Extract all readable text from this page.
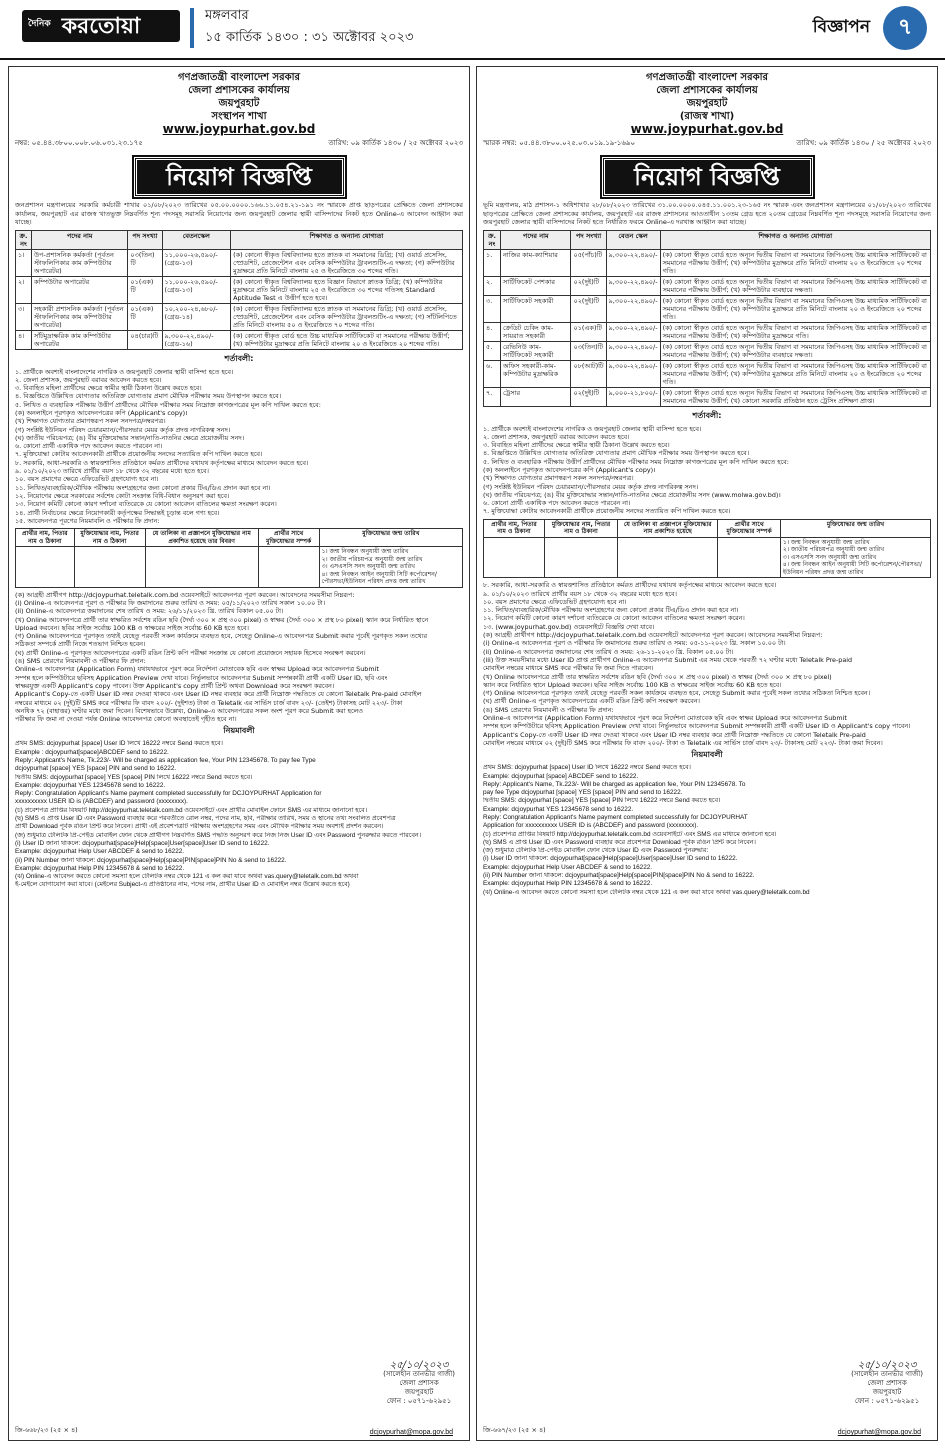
দৈনিক করতোয়া	মঙ্গলবার
১৫ কার্তিক ১৪৩০ : ৩১ অক্টোবর ২০২৩
বিজ্ঞাপন	৭
গণপ্রজাতন্ত্রী বাংলাদেশ সরকার
জেলা প্রশাসকের কার্যালয়
জয়পুরহাট
সংস্থাপন শাখা
www.joypurhat.gov.bd
নম্বর: ০৫.৪৪.৩৮০০.০০৮.০৬.০৩১.২৩.১৭৫	তারিখ: ০৯ কার্তিক ১৪৩০ / ২৫ অক্টোবর ২০২৩
নিয়োগ বিজ্ঞপ্তি
জনপ্রশাসন মন্ত্রণালয়ের সরকারি কর্মচারী শাখার ০১/০৮/২০২৩ তারিখের ০৫.০০.০০০০.১৬৬.১১.০৫৪.২১-১৯১ নং স্মারকে প্রাপ্ত ছাড়পত্রের প্রেক্ষিতে জেলা প্রশাসকের কার্যালয়, জয়পুরহাট এর রাজস্ব খাতভুক্ত নিম্নবর্ণিত শূন্য পদসমূহ সরাসরি নিয়োগের জন্য জয়পুরহাট জেলার স্থায়ী বাসিন্দাদের নিকট হতে Online-এ আবেদন আহ্বান করা যাচ্ছে।
ক্র. নং	পদের নাম	পদ সংখ্যা	বেতনস্কেল	শিক্ষাগত ও অন্যান্য যোগ্যতা
১।	উপ-প্রশাসনিক কর্মকর্তা (পূর্বতন স্টাফলিপিকার কাম কম্পিউটার অপারেটর)	০৩(তিন) টি	১১,০০০-২৬,৫৯০/- (গ্রেড-১৩)	(ক) কোনো স্বীকৃত বিশ্ববিদ্যালয় হতে স্নাতক বা সমমানের ডিগ্রি; (খ) ওয়ার্ড প্রসেসিং, স্প্রেডশিট, প্রেজেন্টেশন এবং বেসিক কম্পিউটার ট্রাবলশুটিং-এ দক্ষতা; (গ) কম্পিউটার মুদ্রাক্ষরে প্রতি মিনিটে বাংলায় ২৫ ও ইংরেজিতে ৩০ শব্দের গতি।
২।	কম্পিউটার অপারেটর	০১(এক) টি	১১,০০০-২৬,৫৯০/- (গ্রেড-১৩)	(ক) কোনো স্বীকৃত বিশ্ববিদ্যালয় হতে বিজ্ঞান বিভাগে স্নাতক ডিগ্রি; (খ) কম্পিউটার মুদ্রাক্ষরে প্রতি মিনিটে বাংলায় ২৫ ও ইংরেজিতে ৩০ শব্দের গতিসহ Standard Aptitude Test এ উত্তীর্ণ হতে হবে।
৩।	সহকারী প্রশাসনিক কর্মকর্তা (পূর্বতন স্টাফলিপিকার কাম কম্পিউটার অপারেটর)	০১(এক) টি	১০,২০০-২৪,৬৮০/- (গ্রেড-১৪)	(ক) কোনো স্বীকৃত বিশ্ববিদ্যালয় হতে স্নাতক বা সমমানের ডিগ্রি; (খ) ওয়ার্ড প্রসেসিং, স্প্রেডশিট, প্রেজেন্টেশন এবং বেসিক কম্পিউটার ট্রাবলশুটিং-এ দক্ষতা; (গ) সাঁটলিপিতে প্রতি মিনিটে বাংলায় ৫০ ও ইংরেজিতে ৭০ শব্দের গতি।
৪।	সাঁটমুদ্রাক্ষরিক কাম কম্পিউটার অপারেটর	০৪(চার)টি	৯,৩০০-২২,৪৯০/- (গ্রেড-১৬)	(ক) কোনো স্বীকৃত বোর্ড হতে উচ্চ মাধ্যমিক সার্টিফিকেট বা সমমানের পরীক্ষায় উত্তীর্ণ; (খ) কম্পিউটার মুদ্রাক্ষরে প্রতি মিনিটে বাংলায় ২০ ও ইংরেজিতে ২০ শব্দের গতি।
শর্তাবলী:
১. প্রার্থীকে অবশ্যই বাংলাদেশের নাগরিক ও জয়পুরহাট জেলার স্থায়ী বাসিন্দা হতে হবে।
২. জেলা প্রশাসক, জয়পুরহাট বরাবর আবেদন করতে হবে।
৩. বিবাহিত মহিলা প্রার্থীদের ক্ষেত্রে স্বামীর স্থায়ী ঠিকানা উল্লেখ করতে হবে।
৪. বিজ্ঞপ্তিতে উল্লিখিত যোগ্যতার অতিরিক্ত যোগ্যতার প্রমাণ মৌখিক পরীক্ষার সময় উপস্থাপন করতে হবে।
৫. লিখিত ও ব্যবহারিক পরীক্ষায় উত্তীর্ণ প্রার্থীদের মৌখিক পরীক্ষার সময় নিম্নোক্ত কাগজপত্রের মূল কপি দাখিল করতে হবে:
(ক) অনলাইনে পূরণকৃত আবেদনপত্রের কপি (Applicant's copy)।
(খ) শিক্ষাগত যোগ্যতার প্রমাণস্বরূপ সকল সনদপত্র/নম্বরপত্র।
(গ) সংশ্লিষ্ট ইউনিয়ন পরিষদ চেয়ারম্যান/পৌরসভার মেয়র কর্তৃক প্রদত্ত নাগরিকত্ব সনদ।
(ঘ) জাতীয় পরিচয়পত্র; (ঙ) বীর মুক্তিযোদ্ধার সন্তান/নাতি-নাতনির ক্ষেত্রে প্রয়োজনীয় সনদ।
৬. কোনো প্রার্থী একাধিক পদে আবেদন করতে পারবেন না।
৭. মুক্তিযোদ্ধা কোটায় আবেদনকারী প্রার্থীকে প্রয়োজনীয় সনদের সত্যায়িত কপি দাখিল করতে হবে।
৮. সরকারি, আধা-সরকারি ও স্বায়ত্তশাসিত প্রতিষ্ঠানে কর্মরত প্রার্থীদের যথাযথ কর্তৃপক্ষের মাধ্যমে আবেদন করতে হবে।
৯. ০১/১০/২০২৩ তারিখে প্রার্থীর বয়স ১৮ থেকে ৩২ বছরের মধ্যে হতে হবে।
১০. বয়স প্রমাণের ক্ষেত্রে এফিডেভিট গ্রহণযোগ্য হবে না।
১১. লিখিত/ব্যবহারিক/মৌখিক পরীক্ষায় অংশগ্রহণের জন্য কোনো প্রকার টিএ/ডিএ প্রদান করা হবে না।
১২. নিয়োগের ক্ষেত্রে সরকারের সর্বশেষ কোটা সংক্রান্ত বিধি-বিধান অনুসরণ করা হবে।
১৩. নিয়োগ কমিটি কোনো কারণ দর্শানো ব্যতিরেকে যে কোনো আবেদন বাতিলের ক্ষমতা সংরক্ষণ করেন।
১৪. প্রার্থী নির্বাচনের ক্ষেত্রে নিয়োগকারী কর্তৃপক্ষের সিদ্ধান্তই চূড়ান্ত বলে গণ্য হবে।
১৫. আবেদনপত্র পূরণের নিয়মাবলি ও পরীক্ষার ফি প্রদান:
প্রার্থীর নাম, পিতার নাম ও ঠিকানা	মুক্তিযোদ্ধার নাম, পিতার নাম ও ঠিকানা	যে তালিকা বা প্রজ্ঞাপনে মুক্তিযোদ্ধার নাম প্রকাশিত হয়েছে তার বিবরণ	প্রার্থীর সাথে মুক্তিযোদ্ধার সম্পর্ক	মুক্তিযোদ্ধার জন্ম তারিখ

				১। জন্ম নিবন্ধন অনুযায়ী জন্ম তারিখ
২। জাতীয় পরিচয়পত্র অনুযায়ী জন্ম তারিখ
৩। এসএসসি সনদ অনুযায়ী জন্ম তারিখ
৪। জন্ম নিবন্ধন আইন অনুযায়ী সিটি কর্পোরেশন/পৌরসভা/ইউনিয়ন পরিষদ প্রদত্ত জন্ম তারিখ
(ক) আগ্রহী প্রার্থীগণ http://dcjoypurhat.teletalk.com.bd ওয়েবসাইটে আবেদনপত্র পূরণ করবেন। আবেদনের সময়সীমা নিম্নরূপ:
(i) Online-এ আবেদনপত্র পূরণ ও পরীক্ষার ফি জমাদানের শুরুর তারিখ ও সময়: ০৫/১১/২০২৩ তারিখ সকাল ১০.০০ টা।
(ii) Online-এ আবেদনপত্র জমাদানের শেষ তারিখ ও সময়: ২৬/১১/২০২৩ খ্রি. তারিখ বিকাল ০৫.০০ টা।
(খ) Online আবেদনপত্রে প্রার্থী তার স্বাক্ষরিত সর্বশেষ রঙিন ছবি (দৈর্ঘ্য ৩০০ × প্রস্থ ৩০০ pixel) ও স্বাক্ষর (দৈর্ঘ্য ৩০০ × প্রস্থ ৮০ pixel) স্ক্যান করে নির্ধারিত স্থানে
Upload করবেন। ছবির সাইজ সর্বোচ্চ 100 KB ও স্বাক্ষরের সাইজ সর্বোচ্চ 60 KB হতে হবে।
(গ) Online আবেদনপত্রে পূরণকৃত তথ্যই যেহেতু পরবর্তী সকল কার্যক্রমে ব্যবহৃত হবে, সেহেতু Online-এ আবেদনপত্র Submit করার পূর্বেই পূরণকৃত সকল তথ্যের
সঠিকতা সম্পর্কে প্রার্থী নিজে শতভাগ নিশ্চিত হবেন।
(ঘ) প্রার্থী Online-এ পূরণকৃত আবেদনপত্রের একটি রঙিন প্রিন্ট কপি পরীক্ষা সংক্রান্ত যে কোনো প্রয়োজনে সহায়ক হিসেবে সংরক্ষণ করবেন।
(ঙ) SMS প্রেরণের নিয়মাবলী ও পরীক্ষার ফি প্রদান:
Online-এ আবেদনপত্র (Application Form) যথাযথভাবে পূরণ করে নির্দেশনা মোতাবেক ছবি এবং স্বাক্ষর Upload করে আবেদনপত্র Submit
সম্পন্ন হলে কম্পিউটারে ছবিসহ Application Preview দেখা যাবে। নির্ভুলভাবে আবেদনপত্র Submit সম্পন্নকারী প্রার্থী একটি User ID, ছবি এবং
স্বাক্ষরযুক্ত একটি Applicant's copy পাবেন। উক্ত Applicant's copy প্রার্থী প্রিন্ট অথবা Download করে সংরক্ষণ করবেন।
Applicant's Copy-তে একটি User ID নম্বর দেওয়া থাকবে এবং User ID নম্বর ব্যবহার করে প্রার্থী নিম্নোক্ত পদ্ধতিতে যে কোনো Teletalk Pre-paid মোবাইল
নম্বরের মাধ্যমে ০২ (দুই)টি SMS করে পরীক্ষার ফি বাবদ ২০০/- (দুইশত) টাকা ও Teletalk এর সার্ভিস চার্জ বাবদ ২৩/- (তেইশ) টাকাসহ মোট ২২৩/- টাকা
অনধিক ৭২ (বাহাত্তর) ঘণ্টার মধ্যে জমা দিবেন। বিশেষভাবে উল্লেখ্য, Online-এ আবেদনপত্রের সকল অংশ পূরণ করে Submit করা হলেও
পরীক্ষার ফি জমা না দেওয়া পর্যন্ত Online আবেদনপত্র কোনো অবস্থাতেই গৃহীত হবে না।
নিয়মাবলী
প্রথম SMS: dcjoypurhat [space] User ID লিখে 16222 নম্বরে Send করতে হবে।
Example : dcjoypurhat[space]ABCDEF send to 16222.
Reply: Applicant's Name, Tk.223/- Will be charged as application fee, Your PIN 12345678. To pay fee Type
dcjoypurhat [space] YES [space] PIN and send to 16222.
দ্বিতীয় SMS: dcjoypurhat [space] YES [space] PIN লিখে 16222 নম্বরে Send করতে হবে।
Example: dcjoypurhat YES 12345678 send to 16222.
Reply: Congratulation Applicant's Name payment completed successfully for DCJOYPURHAT Application for
xxxxxxxxxx USER ID is (ABCDEF) and password (xxxxxxxx).
(চ) প্রবেশপত্র প্রাপ্তির বিষয়টি http://dcjoypurhat.teletalk.com.bd ওয়েবসাইটে এবং প্রার্থীর মোবাইল ফোনে SMS এর মাধ্যমে জানানো হবে।
(ছ) SMS এ প্রাপ্ত User ID এবং Password ব্যবহার করে পরবর্তীতে রোল নম্বর, পদের নাম, ছবি, পরীক্ষার তারিখ, সময় ও স্থানের তথ্য সংবলিত প্রবেশপত্র
প্রার্থী Download পূর্বক রঙিন প্রিন্ট করে নিবেন। প্রার্থী এই প্রবেশপত্রটি পরীক্ষায় অংশগ্রহণের সময় এবং মৌখিক পরীক্ষার সময় অবশ্যই প্রদর্শন করবেন।
(জ) শুধুমাত্র টেলিটক প্রি-পেইড মোবাইল ফোন থেকে প্রার্থীগণ নিম্নবর্ণিত SMS পদ্ধতি অনুসরণ করে নিজ নিজ User ID এবং Password পুনরুদ্ধার করতে পারবেন।
(i) User ID জানা থাকলে: dcjoypurhat[space]Help[space]User[space]User ID send to 16222.
Example: dcjoypurhat Help User ABCDEF & send to 16222.
(ii) PIN Number জানা থাকলে: dcjoypurhat[space]Help[space]PIN[space]PIN No & send to 16222.
Example: dcjoypurhat Help PIN 12345678 & send to 16222.
(ঝ) Online-এ আবেদন করতে কোনো সমস্যা হলে টেলিটক নম্বর থেকে 121 এ কল করা যাবে অথবা vas.query@teletalk.com.bd অথবা
ই-মেইলে যোগাযোগ করা যাবে। (মেইলের Subject-এ প্রতিষ্ঠানের নাম, পদের নাম, প্রার্থীর User ID ও মোবাইল নম্বর উল্লেখ করতে হবে)
২৫/১০/২০২৩
(সালেহীন তানভীর গাজী)
জেলা প্রশাসক
জয়পুরহাট
ফোন : ০৫৭১-৬২৯৫১
জি-৬৬৮/২৩ (২৫ × ৪)	dcjoypurhat@mopa.gov.bd
গণপ্রজাতন্ত্রী বাংলাদেশ সরকার
জেলা প্রশাসকের কার্যালয়
জয়পুরহাট
(রাজস্ব শাখা)
www.joypurhat.gov.bd
স্মারক নম্বর: ০৫.৪৪.৩৮০০.০২৫.০৩.০১৯.১৯-১৬৯০	তারিখ: ০৯ কার্তিক ১৪৩০ / ২৫ অক্টোবর ২০২৩
নিয়োগ বিজ্ঞপ্তি
ভূমি মন্ত্রণালয়, মাঠ প্রশাসন-১ অধিশাখার ২৮/০৮/২০২৩ তারিখের ৩১.০০.০০০০.০৪৫.১১.০০১.২৩-১৬৫ নং স্মারক এবং জনপ্রশাসন মন্ত্রণালয়ের ০১/০৮/২০২৩ তারিখের ছাড়পত্রের প্রেক্ষিতে জেলা প্রশাসকের কার্যালয়, জয়পুরহাট এর রাজস্ব প্রশাসনের আওতাধীন ১৩তম গ্রেড হতে ২০তম গ্রেডের নিম্নবর্ণিত শূন্য পদসমূহে সরাসরি নিয়োগের জন্য জয়পুরহাট জেলার স্থায়ী বাসিন্দাদের নিকট হতে নির্ধারিত ফরমে Online-এ দরখাস্ত আহ্বান করা যাচ্ছে।
ক্র. নং	পদের নাম	পদ সংখ্যা	বেতন স্কেল	শিক্ষাগত ও অন্যান্য যোগ্যতা
১.	নাজির কাম-ক্যাশিয়ার	০৫(পাঁচ)টি	৯,৩০০-২২,৪৯০/-	(ক) কোনো স্বীকৃত বোর্ড হতে অন্যূন দ্বিতীয় বিভাগ বা সমমানের জিপিএসহ উচ্চ মাধ্যমিক সার্টিফিকেট বা সমমানের পরীক্ষায় উত্তীর্ণ; (খ) কম্পিউটার মুদ্রাক্ষরে প্রতি মিনিটে বাংলায় ২০ ও ইংরেজিতে ২০ শব্দের গতি।
২.	সার্টিফিকেট পেশকার	০২(দুই)টি	৯,৩০০-২২,৪৯০/-	(ক) কোনো স্বীকৃত বোর্ড হতে অন্যূন দ্বিতীয় বিভাগ বা সমমানের জিপিএসহ উচ্চ মাধ্যমিক সার্টিফিকেট বা সমমানের পরীক্ষায় উত্তীর্ণ; (খ) কম্পিউটার ব্যবহারে দক্ষতা।
৩.	সার্টিফিকেট সহকারী	০২(দুই)টি	৯,৩০০-২২,৪৯০/-	(ক) কোনো স্বীকৃত বোর্ড হতে অন্যূন দ্বিতীয় বিভাগ বা সমমানের জিপিএসহ উচ্চ মাধ্যমিক সার্টিফিকেট বা সমমানের পরীক্ষায় উত্তীর্ণ; (খ) কম্পিউটার মুদ্রাক্ষরে প্রতি মিনিটে বাংলায় ২০ ও ইংরেজিতে ২০ শব্দের গতি।
৪.	ক্রেডিট চেকিং কাম-সায়রাত সহকারী	০১(এক)টি	৯,৩০০-২২,৪৯০/-	(ক) কোনো স্বীকৃত বোর্ড হতে অন্যূন দ্বিতীয় বিভাগ বা সমমানের জিপিএসহ উচ্চ মাধ্যমিক সার্টিফিকেট বা সমমানের পরীক্ষায় উত্তীর্ণ; (খ) কম্পিউটার মুদ্রাক্ষরে গতি।
৫.	রেভিনিউ কাম-সার্টিফিকেট সহকারী	০৩(তিন)টি	৯,৩০০-২২,৪৯০/-	(ক) কোনো স্বীকৃত বোর্ড হতে অন্যূন দ্বিতীয় বিভাগ বা সমমানের জিপিএসহ উচ্চ মাধ্যমিক সার্টিফিকেট বা সমমানের পরীক্ষায় উত্তীর্ণ; (খ) কম্পিউটার ব্যবহারে দক্ষতা।
৬.	অফিস সহকারী-কাম-কম্পিউটার মুদ্রাক্ষরিক	০৮(আট)টি	৯,৩০০-২২,৪৯০/-	(ক) কোনো স্বীকৃত বোর্ড হতে অন্যূন দ্বিতীয় বিভাগ বা সমমানের জিপিএসহ উচ্চ মাধ্যমিক সার্টিফিকেট বা সমমানের পরীক্ষায় উত্তীর্ণ; (খ) কম্পিউটার মুদ্রাক্ষরে প্রতি মিনিটে বাংলায় ২০ ও ইংরেজিতে ২০ শব্দের গতি।
৭.	ট্রেসার	০২(দুই)টি	৯,০০০-২১,৮০০/-	(ক) কোনো স্বীকৃত বোর্ড হতে অন্যূন দ্বিতীয় বিভাগ বা সমমানের জিপিএসহ উচ্চ মাধ্যমিক সার্টিফিকেট বা সমমানের পরীক্ষায় উত্তীর্ণ; (খ) কোনো সরকারি প্রতিষ্ঠান হতে ট্রেসিং প্রশিক্ষণ প্রাপ্ত।
শর্তাবলী:
১. প্রার্থীকে অবশ্যই বাংলাদেশের নাগরিক ও জয়পুরহাট জেলার স্থায়ী বাসিন্দা হতে হবে।
২. জেলা প্রশাসক, জয়পুরহাট বরাবর আবেদন করতে হবে।
৩. বিবাহিত মহিলা প্রার্থীদের ক্ষেত্রে স্বামীর স্থায়ী ঠিকানা উল্লেখ করতে হবে।
৪. বিজ্ঞপ্তিতে উল্লিখিত যোগ্যতার অতিরিক্ত যোগ্যতার প্রমাণ মৌখিক পরীক্ষার সময় উপস্থাপন করতে হবে।
৫. লিখিত ও ব্যবহারিক পরীক্ষায় উত্তীর্ণ প্রার্থীদের মৌখিক পরীক্ষার সময় নিম্নোক্ত কাগজপত্রের মূল কপি দাখিল করতে হবে:
(ক) অনলাইনে পূরণকৃত আবেদনপত্রের কপি (Applicant's copy)।
(খ) শিক্ষাগত যোগ্যতার প্রমাণস্বরূপ সকল সনদপত্র/নম্বরপত্র।
(গ) সংশ্লিষ্ট ইউনিয়ন পরিষদ চেয়ারম্যান/পৌরসভার মেয়র কর্তৃক প্রদত্ত নাগরিকত্ব সনদ।
(ঘ) জাতীয় পরিচয়পত্র; (ঙ) বীর মুক্তিযোদ্ধার সন্তান/নাতি-নাতনির ক্ষেত্রে প্রয়োজনীয় সনদ (www.molwa.gov.bd)।
৬. কোনো প্রার্থী একাধিক পদে আবেদন করতে পারবেন না।
৭. মুক্তিযোদ্ধা কোটায় আবেদনকারী প্রার্থীকে প্রয়োজনীয় সনদের সত্যায়িত কপি দাখিল করতে হবে।
প্রার্থীর নাম, পিতার নাম ও ঠিকানা	মুক্তিযোদ্ধার নাম, পিতার নাম ও ঠিকানা	যে তালিকা বা প্রজ্ঞাপনে মুক্তিযোদ্ধার নাম প্রকাশিত হয়েছে	প্রার্থীর সাথে মুক্তিযোদ্ধার সম্পর্ক	মুক্তিযোদ্ধার জন্ম তারিখ

				১। জন্ম নিবন্ধন অনুযায়ী জন্ম তারিখ
২। জাতীয় পরিচয়পত্র অনুযায়ী জন্ম তারিখ
৩। এসএসসি সনদ অনুযায়ী জন্ম তারিখ
৪। জন্ম নিবন্ধন আইন অনুযায়ী সিটি কর্পোরেশন/পৌরসভা/ইউনিয়ন পরিষদ প্রদত্ত জন্ম তারিখ
৮. সরকারি, আধা-সরকারি ও স্বায়ত্তশাসিত প্রতিষ্ঠানে কর্মরত প্রার্থীদের যথাযথ কর্তৃপক্ষের মাধ্যমে আবেদন করতে হবে।
৯. ০১/১০/২০২৩ তারিখে প্রার্থীর বয়স ১৮ থেকে ৩২ বছরের মধ্যে হতে হবে।
১০. বয়স প্রমাণের ক্ষেত্রে এফিডেভিট গ্রহণযোগ্য হবে না।
১১. লিখিত/ব্যবহারিক/মৌখিক পরীক্ষায় অংশগ্রহণের জন্য কোনো প্রকার টিএ/ডিএ প্রদান করা হবে না।
১২. নিয়োগ কমিটি কোনো কারণ দর্শানো ব্যতিরেকে যে কোনো আবেদন বাতিলের ক্ষমতা সংরক্ষণ করেন।
১৩. (www.joypurhat.gov.bd) ওয়েবসাইটে বিজ্ঞপ্তি দেখা যাবে।
(ক) আগ্রহী প্রার্থীগণ http://dcjoypurhat.teletalk.com.bd ওয়েবসাইটে আবেদনপত্র পূরণ করবেন। আবেদনের সময়সীমা নিম্নরূপ:
(i) Online-এ আবেদনপত্র পূরণ ও পরীক্ষার ফি জমাদানের শুরুর তারিখ ও সময়: ০৫-১১-২০২৩ খ্রি. সকাল ১০.০০ টা।
(ii) Online-এ আবেদনপত্র জমাদানের শেষ তারিখ ও সময়: ২৬-১১-২০২৩ খ্রি. বিকাল ০৫.০০ টা।
(iii) উক্ত সময়সীমার মধ্যে User ID প্রাপ্ত প্রার্থীগণ Online-এ আবেদনপত্র Submit এর সময় থেকে পরবর্তী ৭২ ঘণ্টার মধ্যে Teletalk Pre-paid
মোবাইল নম্বরের মাধ্যমে SMS করে পরীক্ষার ফি জমা দিতে পারবেন।
(খ) Online আবেদনপত্রে প্রার্থী তার স্বাক্ষরিত সর্বশেষ রঙিন ছবি (দৈর্ঘ্য ৩০০ × প্রস্থ ৩০০ pixel) ও স্বাক্ষর (দৈর্ঘ্য ৩০০ × প্রস্থ ৮০ pixel)
স্ক্যান করে নির্ধারিত স্থানে Upload করবেন। ছবির সাইজ সর্বোচ্চ 100 KB ও স্বাক্ষরের সাইজ সর্বোচ্চ 60 KB হতে হবে।
(গ) Online আবেদনপত্রে পূরণকৃত তথ্যই যেহেতু পরবর্তী সকল কার্যক্রমে ব্যবহৃত হবে, সেহেতু Submit করার পূর্বেই সকল তথ্যের সঠিকতা নিশ্চিত হবেন।
(ঘ) প্রার্থী Online-এ পূরণকৃত আবেদনপত্রের একটি রঙিন প্রিন্ট কপি সংরক্ষণ করবেন।
(ঙ) SMS প্রেরণের নিয়মাবলী ও পরীক্ষার ফি প্রদান:
Online-এ আবেদনপত্র (Application Form) যথাযথভাবে পূরণ করে নির্দেশনা মোতাবেক ছবি এবং স্বাক্ষর Upload করে আবেদনপত্র Submit
সম্পন্ন হলে কম্পিউটারে ছবিসহ Application Preview দেখা যাবে। নির্ভুলভাবে আবেদনপত্র Submit সম্পন্নকারী প্রার্থী একটি User ID ও Applicant's copy পাবেন।
Applicant's Copy-তে একটি User ID নম্বর দেওয়া থাকবে এবং User ID নম্বর ব্যবহার করে প্রার্থী নিম্নোক্ত পদ্ধতিতে যে কোনো Teletalk Pre-paid
মোবাইল নম্বরের মাধ্যমে ০২ (দুই)টি SMS করে পরীক্ষার ফি বাবদ ২০০/- টাকা ও Teletalk এর সার্ভিস চার্জ বাবদ ২৩/- টাকাসহ মোট ২২৩/- টাকা জমা দিবেন।
নিয়মাবলী
প্রথম SMS: dcjoypurhat [space] User ID লিখে 16222 নম্বরে Send করতে হবে।
Example: dcjoypurhat [space] ABCDEF send to 16222.
Reply: Applicant's Name, Tk.223/- Will be charged as application fee, Your PIN 12345678. To
pay fee Type dcjoypurhat [space] YES [space] PIN and send to 16222.
দ্বিতীয় SMS: dcjoypurhat [space] YES [space] PIN লিখে 16222 নম্বরে Send করতে হবে।
Example: dcjoypurhat YES 12345678 send to 16222.
Reply: Congratulation Applicant's Name payment completed successfully for DCJOYPURHAT
Application for xxxxxxxxxx USER ID is (ABCDEF) and password (xxxxxxxx).
(চ) প্রবেশপত্র প্রাপ্তির বিষয়টি http://dcjoypurhat.teletalk.com.bd ওয়েবসাইটে এবং SMS এর মাধ্যমে জানানো হবে।
(ছ) SMS এ প্রাপ্ত User ID এবং Password ব্যবহার করে প্রবেশপত্র Download পূর্বক রঙিন প্রিন্ট করে নিবেন।
(জ) শুধুমাত্র টেলিটক প্রি-পেইড মোবাইল ফোন থেকে User ID এবং Password পুনরুদ্ধার:
(i) User ID জানা থাকলে: dcjoypurhat[space]Help[space]User[space]User ID send to 16222.
Example: dcjoypurhat Help User ABCDEF & send to 16222.
(ii) PIN Number জানা থাকলে: dcjoypurhat[space]Help[space]PIN[space]PIN No & send to 16222.
Example: dcjoypurhat Help PIN 12345678 & send to 16222.
(ঝ) Online-এ আবেদন করতে কোনো সমস্যা হলে টেলিটক নম্বর থেকে 121 এ কল করা যাবে অথবা vas.query@teletalk.com.bd
২৫/১০/২০২৩
(সালেহীন তানভীর গাজী)
জেলা প্রশাসক
জয়পুরহাট
ফোন : ০৫৭১-৬২৯৫১
জি-৬৬৭/২৩ (২৫ × ৪)	dcjoypurhat@mopa.gov.bd
